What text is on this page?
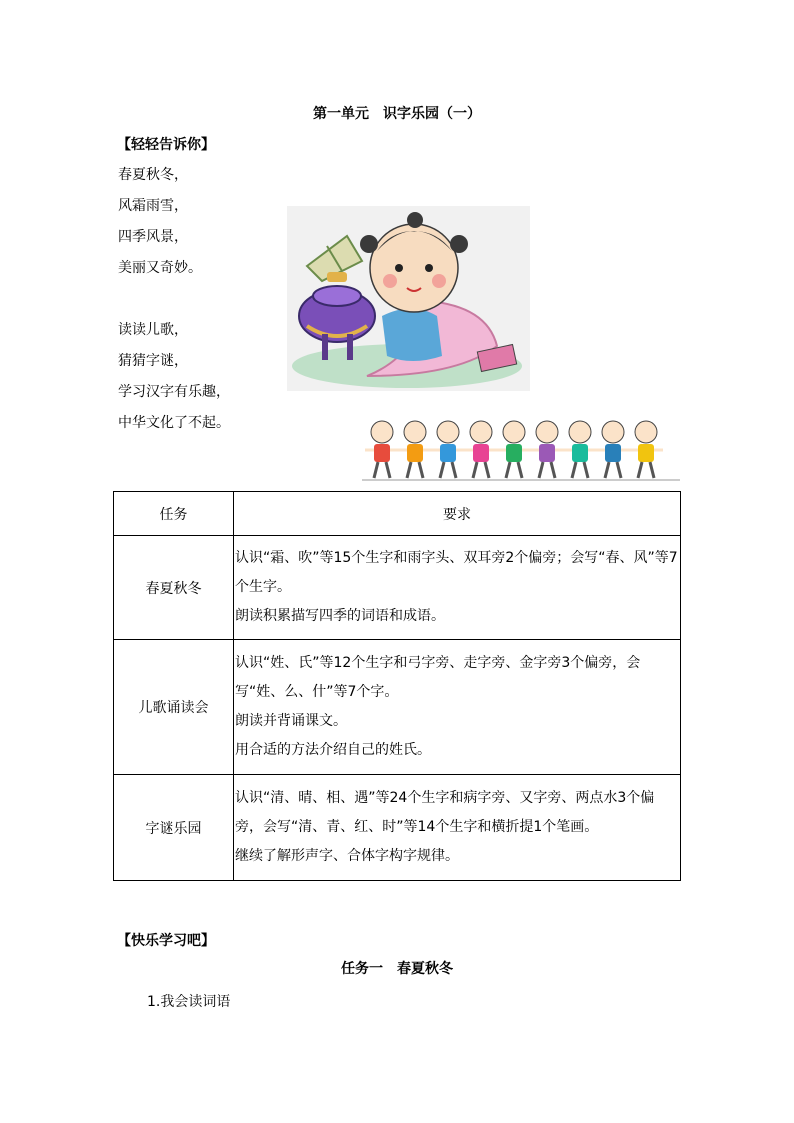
第一单元　识字乐园（一）
【轻轻告诉你】
春夏秋冬，
风霜雨雪，
四季风景，
美丽又奇妙。
读读儿歌，
猜猜字谜，
学习汉字有乐趣，
中华文化了不起。
任务	要求
春夏秋冬	认识“霜、吹”等15个生字和雨字头、双耳旁2个偏旁；会写“春、风”等7个生字。
朗读积累描写四季的词语和成语。

儿歌诵读会	认识“姓、氏”等12个生字和弓字旁、走字旁、金字旁3个偏旁，会写“姓、么、什”等7个字。
朗读并背诵课文。
用合适的方法介绍自己的姓氏。

字谜乐园	认识“清、晴、相、遇”等24个生字和病字旁、又字旁、两点水3个偏旁，会写“清、青、红、时”等14个生字和横折提1个笔画。
继续了解形声字、合体字构字规律。
【快乐学习吧】
任务一　春夏秋冬
1.我会读词语
